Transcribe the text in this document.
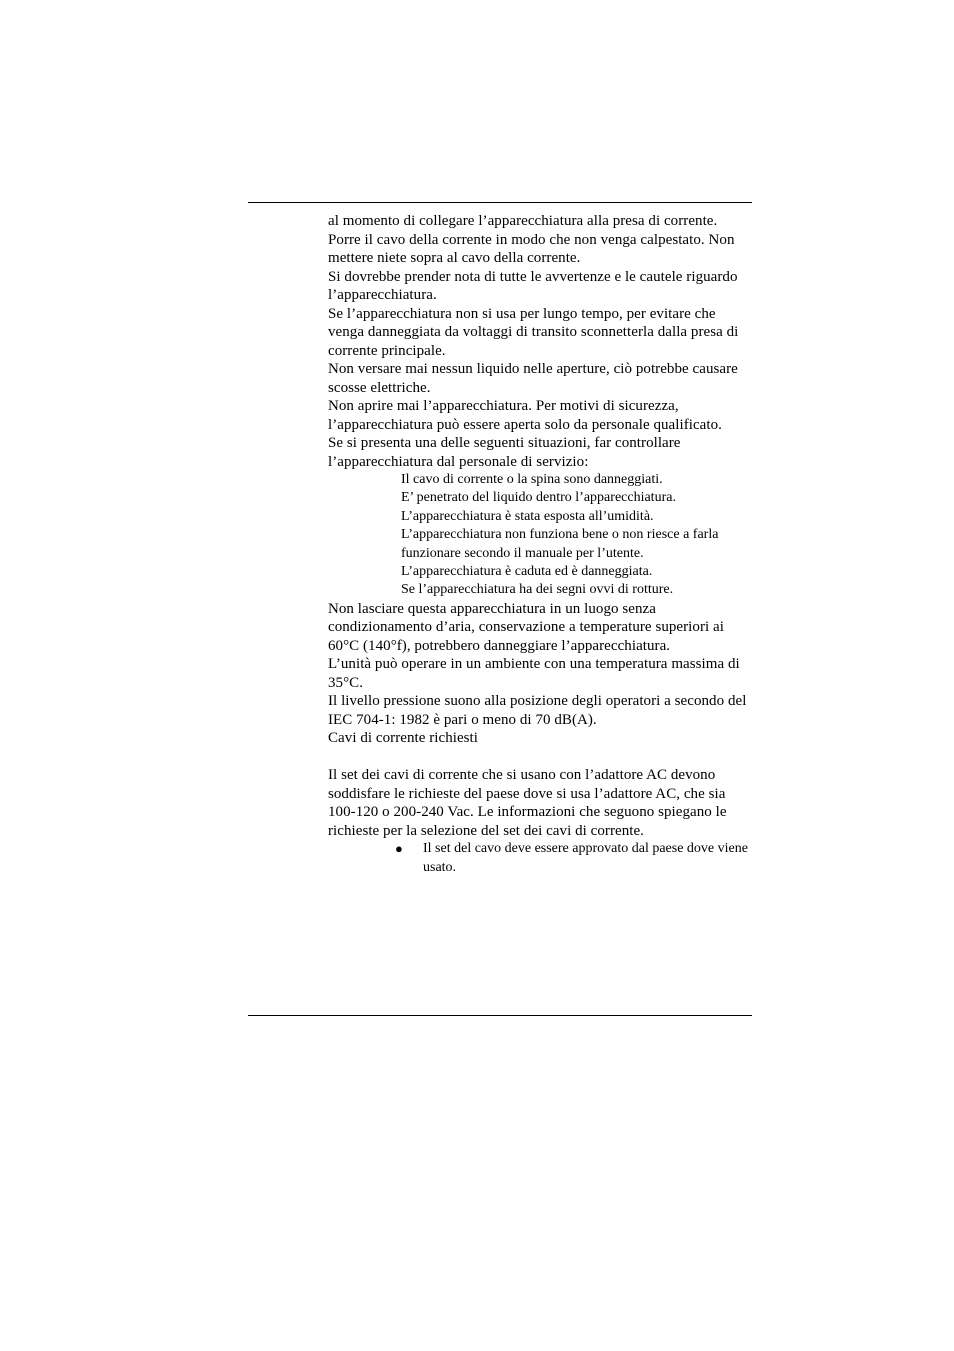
al momento di collegare l’apparecchiatura alla presa di corrente.

Porre il cavo della corrente in modo che non venga calpestato. Non mettere niete sopra al cavo della corrente.

Si dovrebbe prender nota di tutte le avvertenze e le cautele riguardo l’apparecchiatura.

Se l’apparecchiatura non si usa per lungo tempo, per evitare che venga danneggiata da voltaggi di transito sconnetterla dalla presa di corrente principale.

Non versare mai nessun liquido nelle aperture, ciò potrebbe causare scosse elettriche.

Non aprire mai l’apparecchiatura. Per motivi di sicurezza, l’apparecchiatura può essere aperta solo da personale qualificato.

Se si presenta una delle seguenti situazioni, far controllare l’apparecchiatura dal personale di servizio:

Il cavo di corrente o la spina sono danneggiati.
E’ penetrato del liquido dentro l’apparecchiatura.
L’apparecchiatura è stata esposta all’umidità.
L’apparecchiatura non funziona bene o non riesce a farla funzionare secondo il manuale per l’utente.
L’apparecchiatura è caduta ed è danneggiata.
Se l’apparecchiatura ha dei segni ovvi di rotture.

Non lasciare questa apparecchiatura in un luogo senza condizionamento d’aria, conservazione a temperature superiori ai 60°C (140°f), potrebbero danneggiare l’apparecchiatura.

L’unità può operare in un ambiente con una temperatura massima di 35°C.

Il livello pressione suono alla posizione degli operatori a secondo del IEC 704-1: 1982 è pari o meno di 70 dB(A).

Cavi di corrente richiesti

Il set dei cavi di corrente che si usano con l’adattore AC devono soddisfare le richieste del paese dove si usa l’adattore AC, che sia 100-120 o 200-240 Vac. Le informazioni che seguono spiegano le richieste per la selezione del set dei cavi di corrente.

● Il set del cavo deve essere approvato dal paese dove viene usato.
